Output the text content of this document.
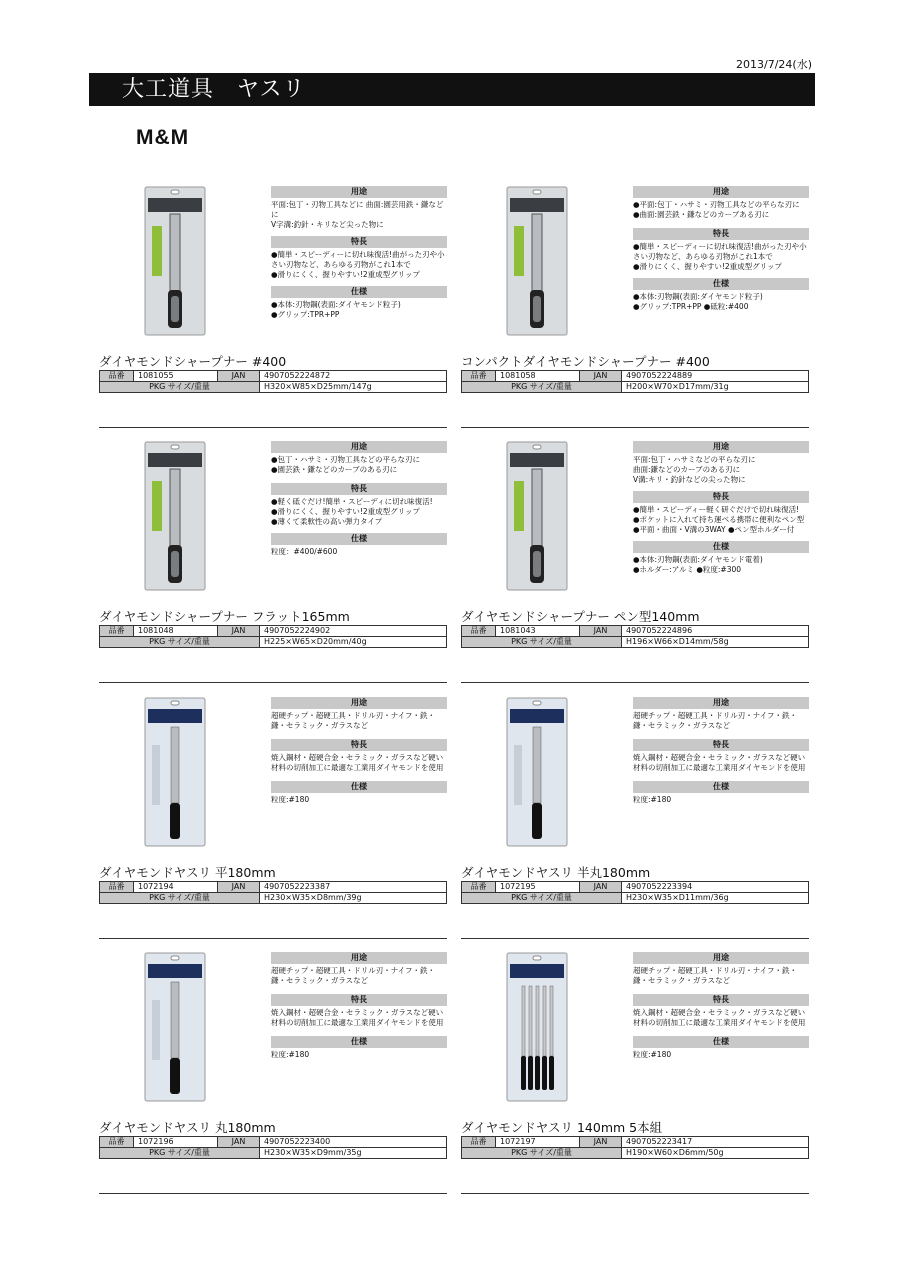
2013/7/24(水)
大工道具　ヤスリ
M&M
用途
平面:包丁・刃物工具などに 曲面:園芸用鉄・鎌などに
V字溝:釣針・キリなど尖った物に
特長
●簡単・スピーディーに切れ味復活!曲がった刃や小さい刃物など、あらゆる刃物がこれ1本で
●滑りにくく、握りやすい!2重成型グリップ
仕様
●本体:刃物鋼(表面:ダイヤモンド粒子)
●グリップ:TPR+PP
ダイヤモンドシャープナー #400
品番	1081055	JAN	4907052224872
PKG サイズ/重量			H320×W85×D25mm/147g
用途
●平面:包丁・ハサミ・刃物工具などの平らな刃に
●曲面:園芸鉄・鎌などのカーブある刃に
特長
●簡単・スピーディーに切れ味復活!曲がった刃や小さい刃物など、あらゆる刃物がこれ1本で
●滑りにくく、握りやすい!2重成型グリップ
仕様
●本体:刃物鋼(表面:ダイヤモンド粒子)
●グリップ:TPR+PP ●砥粒:#400
コンパクトダイヤモンドシャープナー #400
品番	1081058	JAN	4907052224889
PKG サイズ/重量			H200×W70×D17mm/31g
用途
●包丁・ハサミ・刃物工具などの平らな刃に
●園芸鉄・鎌などのカーブのある刃に
特長
●軽く砥ぐだけ!簡単・スピーディに切れ味復活!
●滑りにくく、握りやすい!2重成型グリップ
●薄くて柔軟性の高い弾力タイプ
仕様
粒度：#400/#600
ダイヤモンドシャープナー フラット165mm
品番	1081048	JAN	4907052224902
PKG サイズ/重量			H225×W65×D20mm/40g
用途
平面:包丁・ハサミなどの平らな刃に
曲面:鎌などのカーブのある刃に
V溝:キリ・釣針などの尖った物に
特長
●簡単・スピーディー軽く研ぐだけで切れ味復活!
●ポケットに入れて持ち運べる携帯に便利なペン型
●平面・曲面・V溝の3WAY ●ペン型ホルダー付
仕様
●本体:刃物鋼(表面:ダイヤモンド電着)
●ホルダー:アルミ ●粒度:#300
ダイヤモンドシャープナー ペン型140mm
品番	1081043	JAN	4907052224896
PKG サイズ/重量			H196×W66×D14mm/58g
用途
超硬チップ・超硬工具・ドリル刃・ナイフ・鉄・鎌・セラミック・ガラスなど
特長
焼入鋼材・超硬合金・セラミック・ガラスなど硬い材料の切削加工に最適な工業用ダイヤモンドを使用
仕様
粒度:#180
ダイヤモンドヤスリ 平180mm
品番	1072194	JAN	4907052223387
PKG サイズ/重量			H230×W35×D8mm/39g
用途
超硬チップ・超硬工具・ドリル刃・ナイフ・鉄・鎌・セラミック・ガラスなど
特長
焼入鋼材・超硬合金・セラミック・ガラスなど硬い材料の切削加工に最適な工業用ダイヤモンドを使用
仕様
粒度:#180
ダイヤモンドヤスリ 半丸180mm
品番	1072195	JAN	4907052223394
PKG サイズ/重量			H230×W35×D11mm/36g
用途
超硬チップ・超硬工具・ドリル刃・ナイフ・鉄・鎌・セラミック・ガラスなど
特長
焼入鋼材・超硬合金・セラミック・ガラスなど硬い材料の切削加工に最適な工業用ダイヤモンドを使用
仕様
粒度:#180
ダイヤモンドヤスリ 丸180mm
品番	1072196	JAN	4907052223400
PKG サイズ/重量			H230×W35×D9mm/35g
用途
超硬チップ・超硬工具・ドリル刃・ナイフ・鉄・鎌・セラミック・ガラスなど
特長
焼入鋼材・超硬合金・セラミック・ガラスなど硬い材料の切削加工に最適な工業用ダイヤモンドを使用
仕様
粒度:#180
ダイヤモンドヤスリ 140mm 5本組
品番	1072197	JAN	4907052223417
PKG サイズ/重量			H190×W60×D6mm/50g
